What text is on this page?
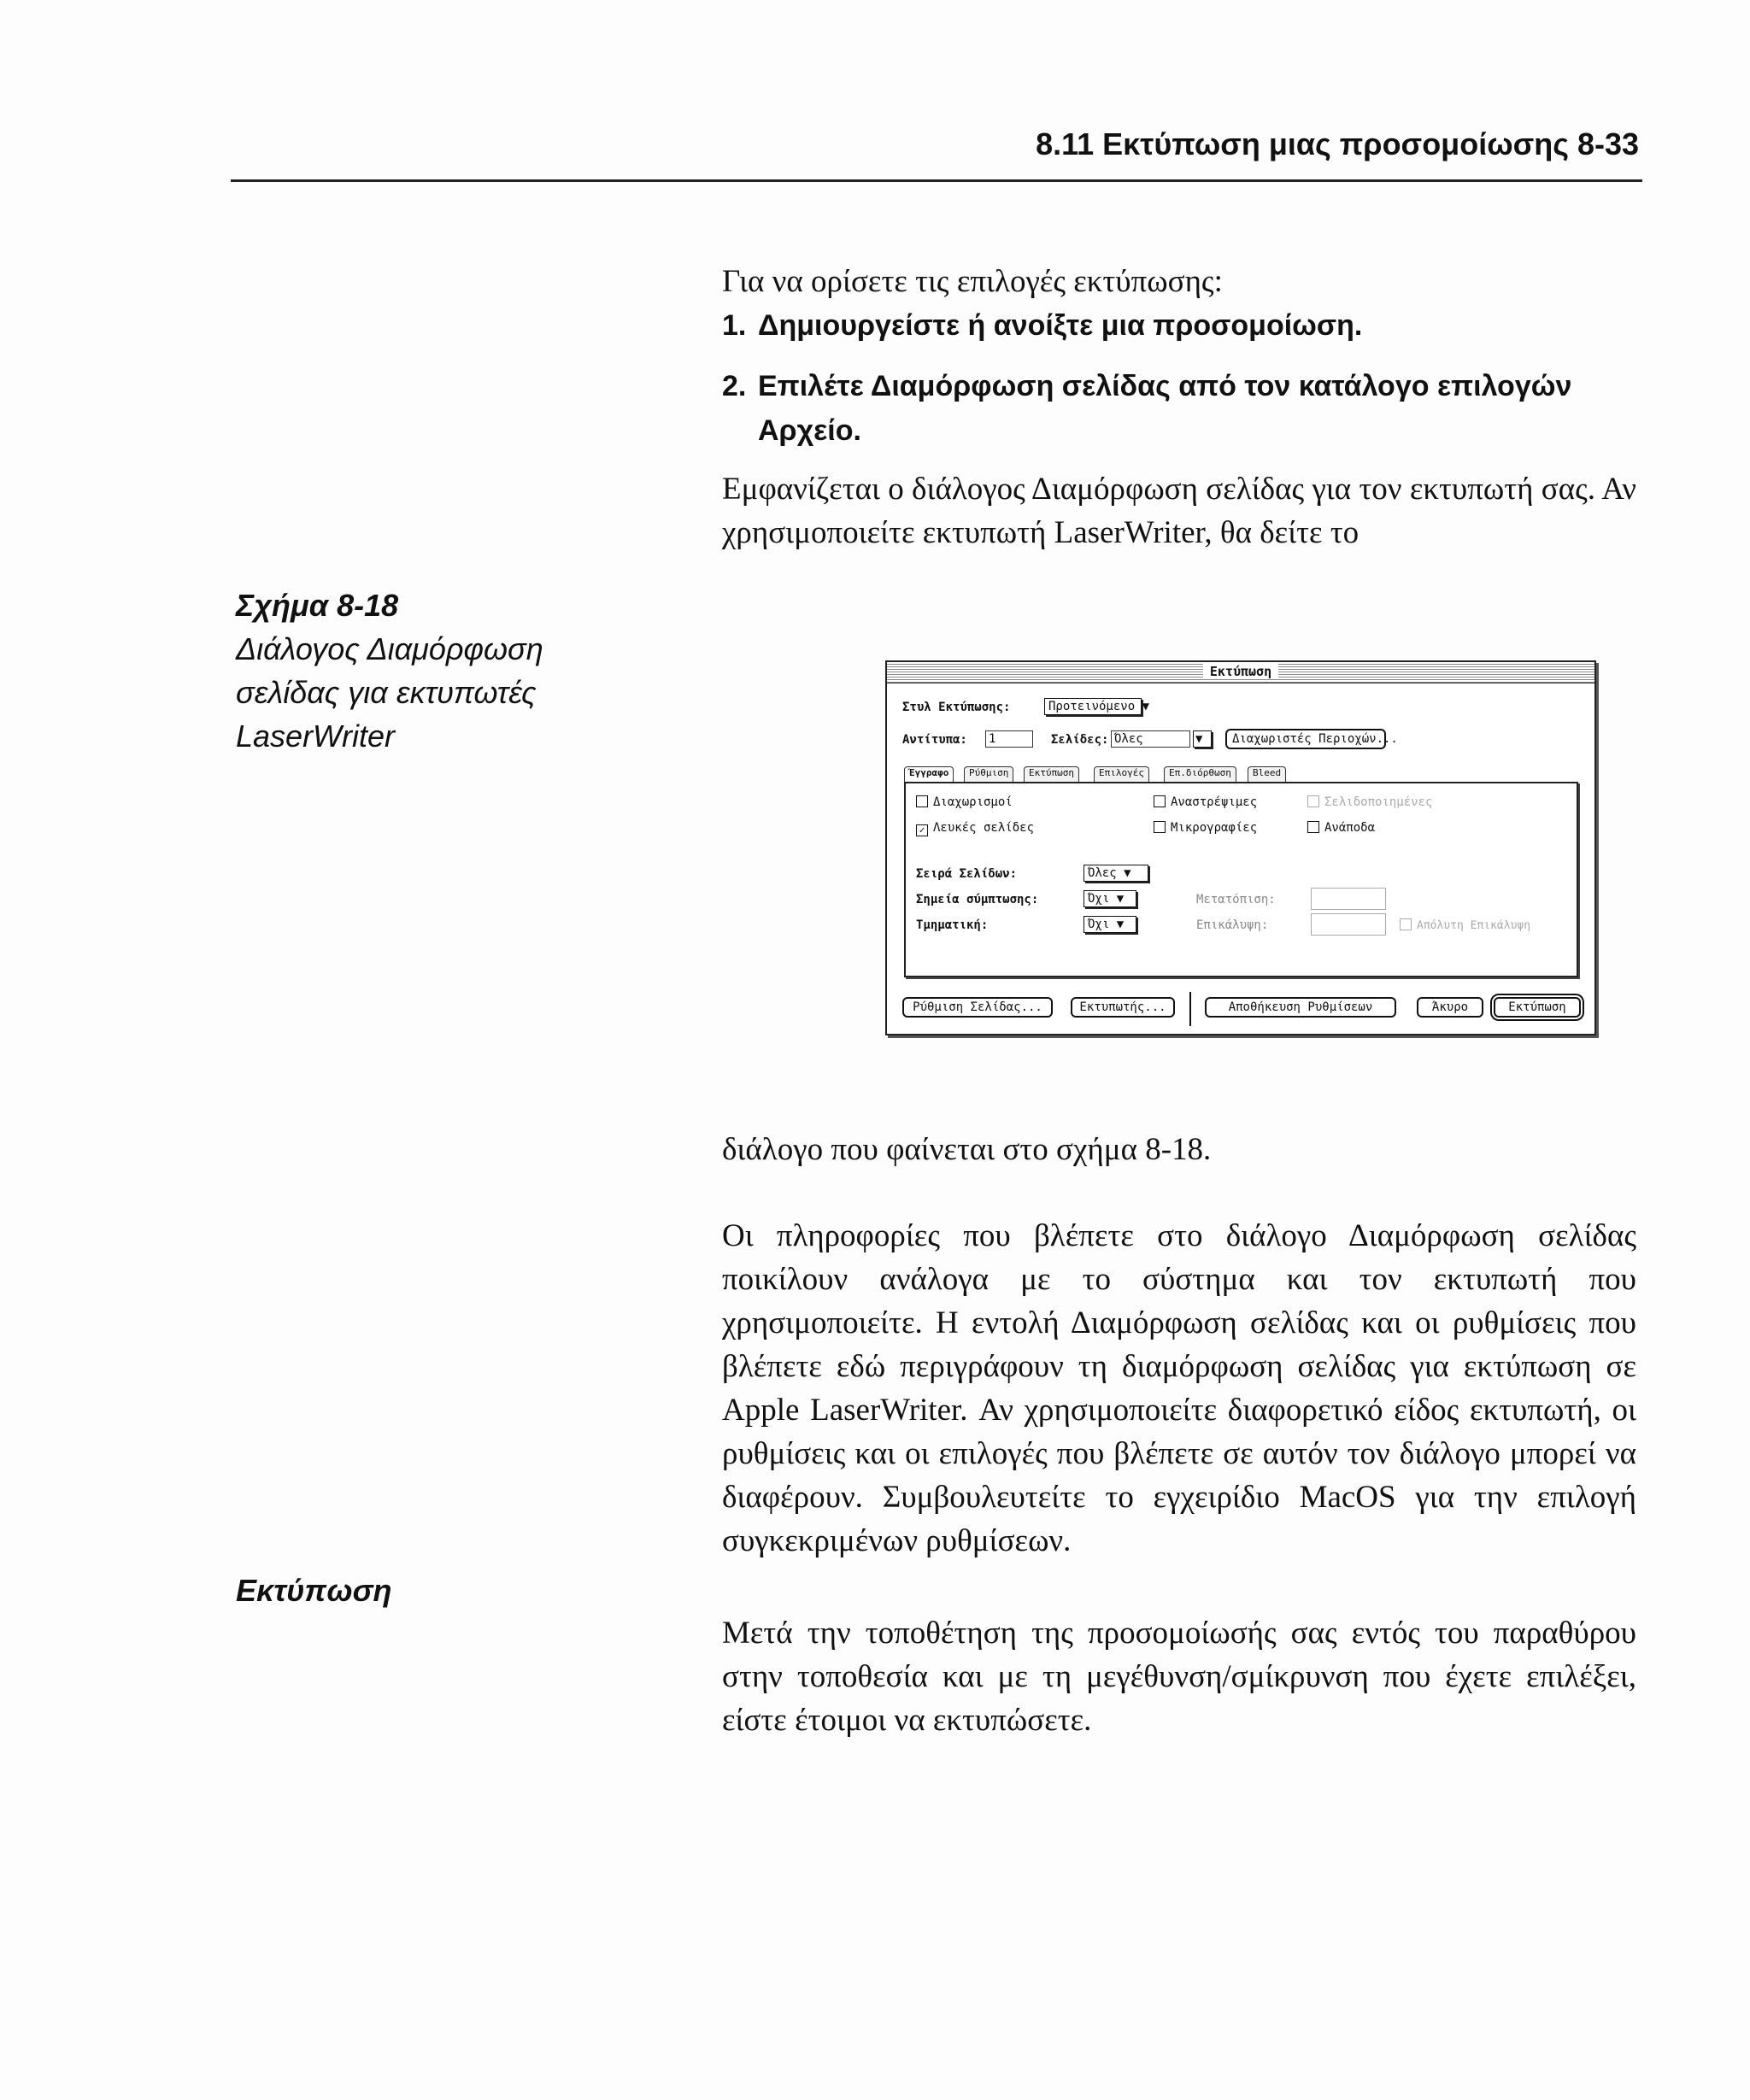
8.11 Εκτύπωση μιας προσομοίωσης 8-33
Σχήμα 8-18
Διάλογος Διαμόρφωση σελίδας για εκτυπωτές LaserWriter
Εκτύπωση
Για να ορίσετε τις επιλογές εκτύπωσης:
1. Δημιουργείστε ή ανοίξτε μια προσομοίωση.
2. Επιλέτε Διαμόρφωση σελίδας από τον κατάλογο επιλογών
Αρχείο.
Εμφανίζεται ο διάλογος Διαμόρφωση σελίδας για τον εκτυπωτή σας. Αν χρησιμοποιείτε εκτυπωτή LaserWriter, θα δείτε το
Εκτύπωση
Στυλ Εκτύπωσης:	Προτεινόμενο ▼
Αντίτυπα: 1	Σελίδες: Όλες	▼	Διαχωριστές Περιοχών...
Έγγραφο	Ρύθμιση	Εκτύπωση	Επιλογές	Επ.διόρθωση	Bleed
Διαχωρισμοί	Αναστρέψιμες	Σελιδοποιημένες
✓ Λευκές σελίδες	Μικρογραφίες	Ανάποδα
Σειρά Σελίδων:	Όλες ▼
Σημεία σύμπτωσης:	Όχι ▼
Τμηματική:	Όχι ▼
Μετατόπιση:
Επικάλυψη:	Απόλυτη Επικάλυψη
Ρύθμιση Σελίδας...	Εκτυπωτής...	Αποθήκευση Ρυθμίσεων	Άκυρο	Εκτύπωση
διάλογο που φαίνεται στο σχήμα 8-18.
Οι πληροφορίες που βλέπετε στο διάλογο Διαμόρφωση σελίδας ποικίλουν ανάλογα με το σύστημα και τον εκτυπωτή που χρησιμοποιείτε. Η εντολή Διαμόρφωση σελίδας και οι ρυθμίσεις που βλέπετε εδώ περιγράφουν τη διαμόρφωση σελίδας για εκτύπωση σε Apple LaserWriter. Αν χρησιμοποιείτε διαφορετικό είδος εκτυπωτή, οι ρυθμίσεις και οι επιλογές που βλέπετε σε αυτόν τον διάλογο μπορεί να διαφέρουν. Συμβουλευτείτε το εγχειρίδιο MacOS για την επιλογή συγκεκριμένων ρυθμίσεων.
Μετά την τοποθέτηση της προσομοίωσής σας εντός του παραθύρου στην τοποθεσία και με τη μεγέθυνση/σμίκρυνση που έχετε επιλέξει, είστε έτοιμοι να εκτυπώσετε.
